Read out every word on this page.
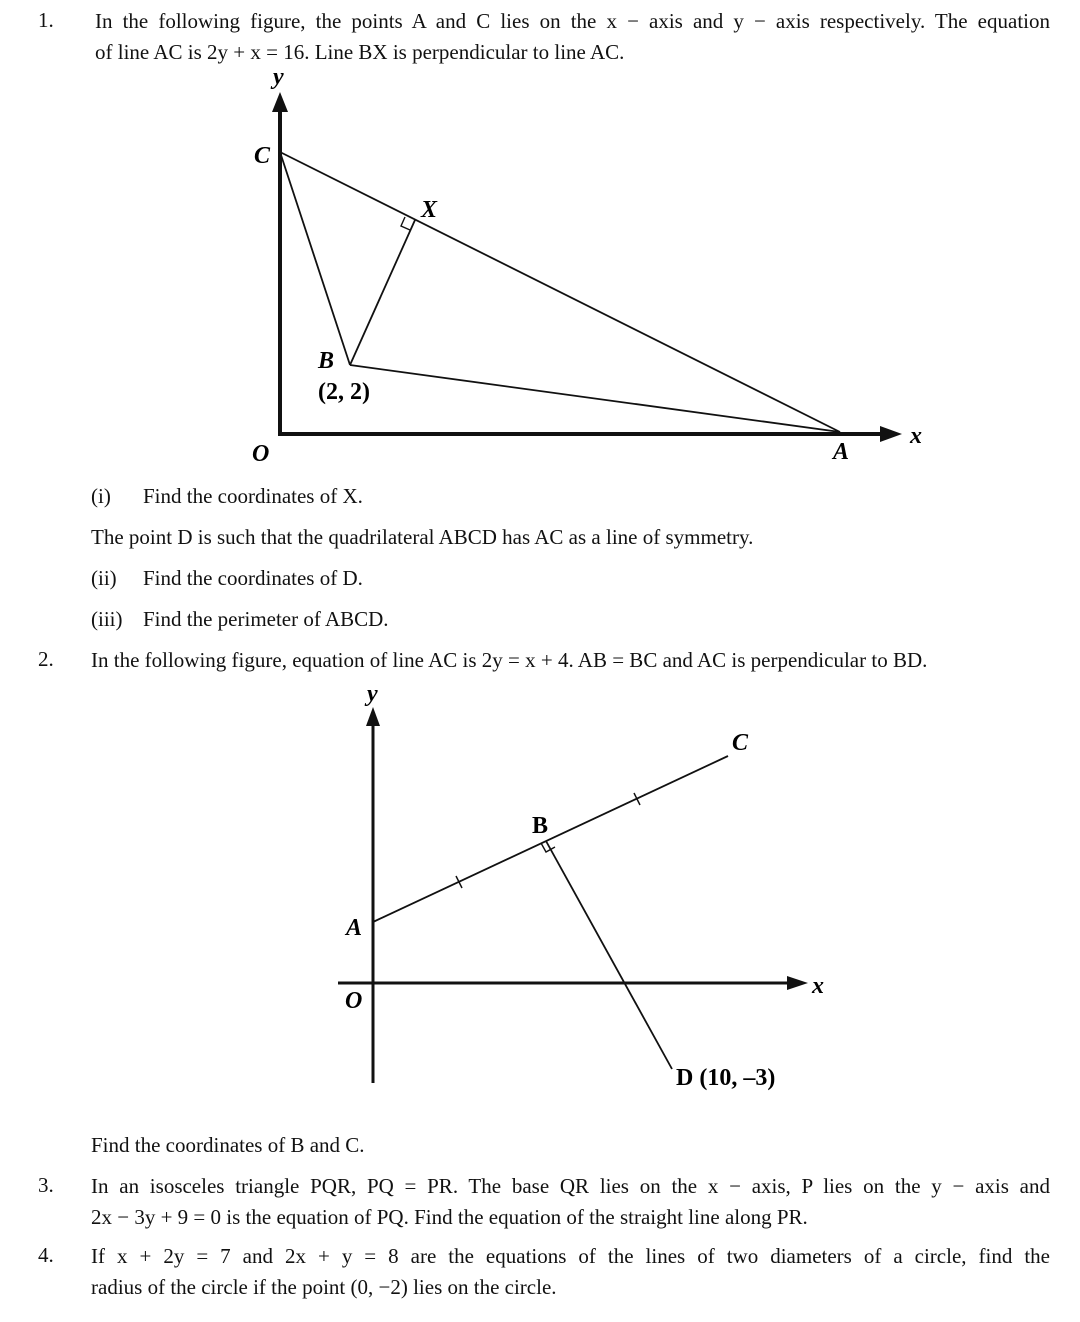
1. In the following figure, the points A and C lies on the x − axis and y − axis respectively. The equation
of line AC is 2y + x = 16. Line BX is perpendicular to line AC.
y
C
X
B
(2, 2)
O	A
x
y
C
B
A
O
x
D (10, –3)
(i) Find the coordinates of X.
The point D is such that the quadrilateral ABCD has AC as a line of symmetry.
(ii) Find the coordinates of D.
(iii) Find the perimeter of ABCD.
2. In the following figure, equation of line AC is 2y = x + 4. AB = BC and AC is perpendicular to BD.
Find the coordinates of B and C.
3. In an isosceles triangle PQR, PQ = PR. The base QR lies on the x − axis, P lies on the y − axis and
2x − 3y + 9 = 0 is the equation of PQ. Find the equation of the straight line along PR.
4. If x + 2y = 7 and 2x + y = 8 are the equations of the lines of two diameters of a circle, find the
radius of the circle if the point (0, −2) lies on the circle.
